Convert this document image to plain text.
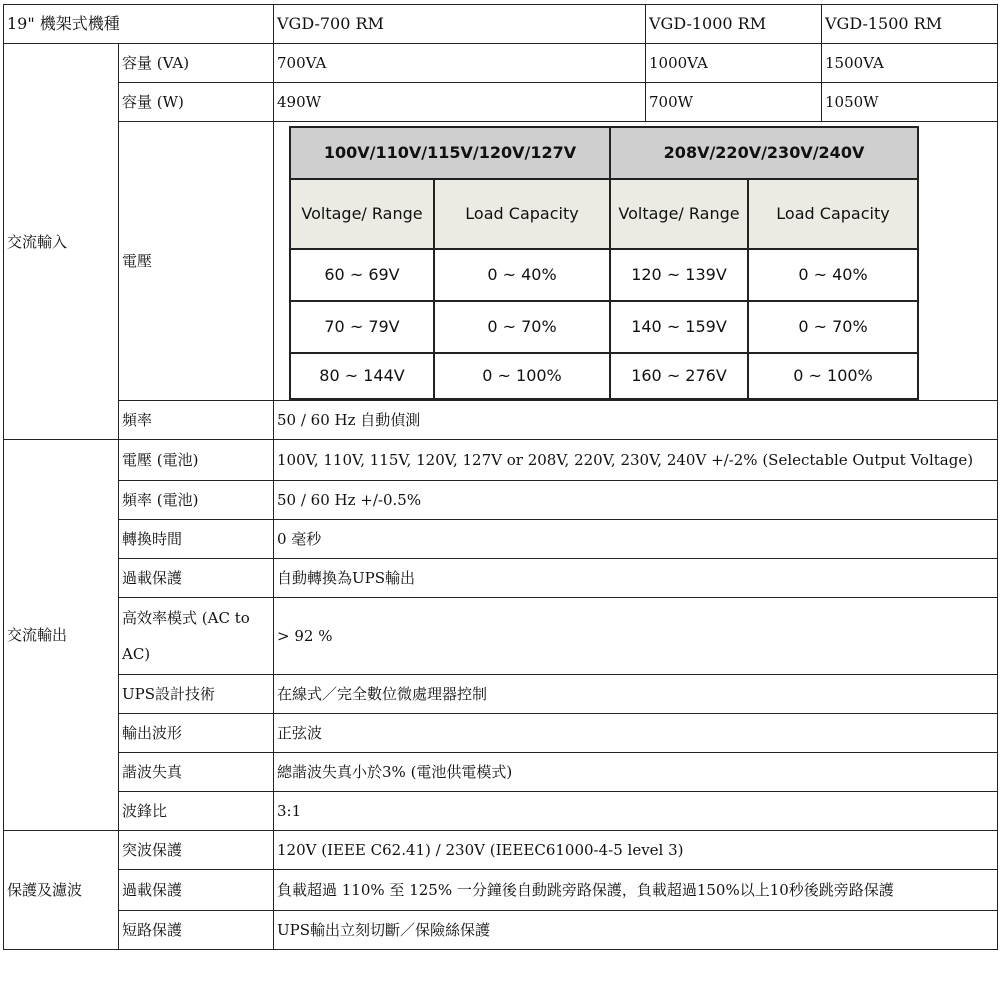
19" 機架式機種	VGD-700 RM	VGD-1000 RM	VGD-1500 RM
交流輸入	容量 (VA)	700VA	1000VA	1500VA
容量 (W)	490W	700W	1050W
電壓	
100V/110V/115V/120V/127V	208V/220V/230V/240V
Voltage/ Range	Load Capacity	Voltage/ Range	Load Capacity
60 ~ 69V	0 ~ 40%	120 ~ 139V	0 ~ 40%
70 ~ 79V	0 ~ 70%	140 ~ 159V	0 ~ 70%
80 ~ 144V	0 ~ 100%	160 ~ 276V	0 ~ 100%

頻率	50 / 60 Hz 自動偵測
交流輸出	電壓 (電池)	100V, 110V, 115V, 120V, 127V or 208V, 220V, 230V, 240V +/-2% (Selectable Output Voltage)
頻率 (電池)	50 / 60 Hz +/-0.5%
轉換時間	0 毫秒
過載保護	自動轉換為UPS輸出
高效率模式 (AC to AC)	> 92 %
UPS設計技術	在線式／完全數位微處理器控制
輸出波形	正弦波
諧波失真	總諧波失真小於3% (電池供電模式)
波鋒比	3:1
保護及濾波	突波保護	120V (IEEE C62.41) / 230V (IEEEC61000-4-5 level 3)
過載保護	負載超過 110% 至 125% 一分鐘後自動跳旁路保護，負載超過150%以上10秒後跳旁路保護
短路保護	UPS輸出立刻切斷／保險絲保護
